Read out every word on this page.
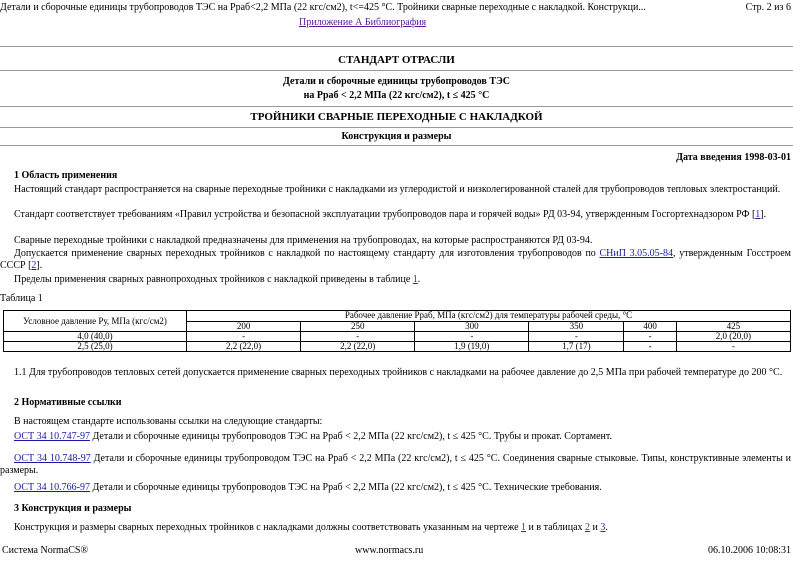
Детали и сборочные единицы трубопроводов ТЭС на Рраб<2,2 МПа (22 кгс/см2), t<=425 °С. Тройники сварные переходные с накладкой. Конструкци...	Стр. 2 из 6
Приложение А Библиография
СТАНДАРТ ОТРАСЛИ
Детали и сборочные единицы трубопроводов ТЭС
на Рраб < 2,2 МПа (22 кгс/см2), t ≤ 425 °С
ТРОЙНИКИ СВАРНЫЕ ПЕРЕХОДНЫЕ С НАКЛАДКОЙ
Конструкция и размеры
Дата введения 1998-03-01
1 Область применения

Настоящий стандарт распространяется на сварные переходные тройники с накладками из углеродистой и низколегированной сталей для трубопроводов тепловых электростанций.

Стандарт соответствует требованиям «Правил устройства и безопасной эксплуатации трубопроводов пара и горячей воды» РД 03-94, утвержденным Госгортехнадзором РФ [1].

Сварные переходные тройники с накладкой предназначены для применения на трубопроводах, на которые распространяются РД 03-94.

Допускается применение сварных переходных тройников с накладкой по настоящему стандарту для изготовления трубопроводов по СНиП 3.05.05-84, утвержденным Госстроем СССР [2].

Пределы применения сварных равнопроходных тройников с накладкой приведены в таблице 1.

Таблица 1
Условное давление Ру, МПа (кгс/см2)	Рабочее давление Рраб, МПа (кгс/см2) для температуры рабочей среды, °С					
	200	250	300	350	400	425
4,0 (40,0)	-	-	-	-	-	2,0 (20,0)
2,5 (25,0)	2,2 (22,0)	2,2 (22,0)	1,9 (19,0)	1,7 (17)	-	-

1.1 Для трубопроводов тепловых сетей допускается применение сварных переходных тройников с накладками на рабочее давление до 2,5 МПа при рабочей температуре до 200 °С.

2 Нормативные ссылки

В настоящем стандарте использованы ссылки на следующие стандарты:

ОСТ 34 10.747-97 Детали и сборочные единицы трубопроводов ТЭС на Рраб < 2,2 МПа (22 кгс/см2), t ≤ 425 °С. Трубы и прокат. Сортамент.

ОСТ 34 10.748-97 Детали и сборочные единицы трубопроводом ТЭС на Рраб < 2,2 МПа (22 кгс/см2), t ≤ 425 °С. Соединения сварные стыковые. Типы, конструктивные элементы и размеры.

ОСТ 34 10.766-97 Детали и сборочные единицы трубопроводов ТЭС на Рраб < 2,2 МПа (22 кгс/см2), t ≤ 425 °С. Технические требования.

3 Конструкция и размеры

Конструкция и размеры сварных переходных тройников с накладками должны соответствовать указанным на чертеже 1 и в таблицах 2 и 3.

Система NormaCS®	www.normacs.ru	06.10.2006 10:08:31
